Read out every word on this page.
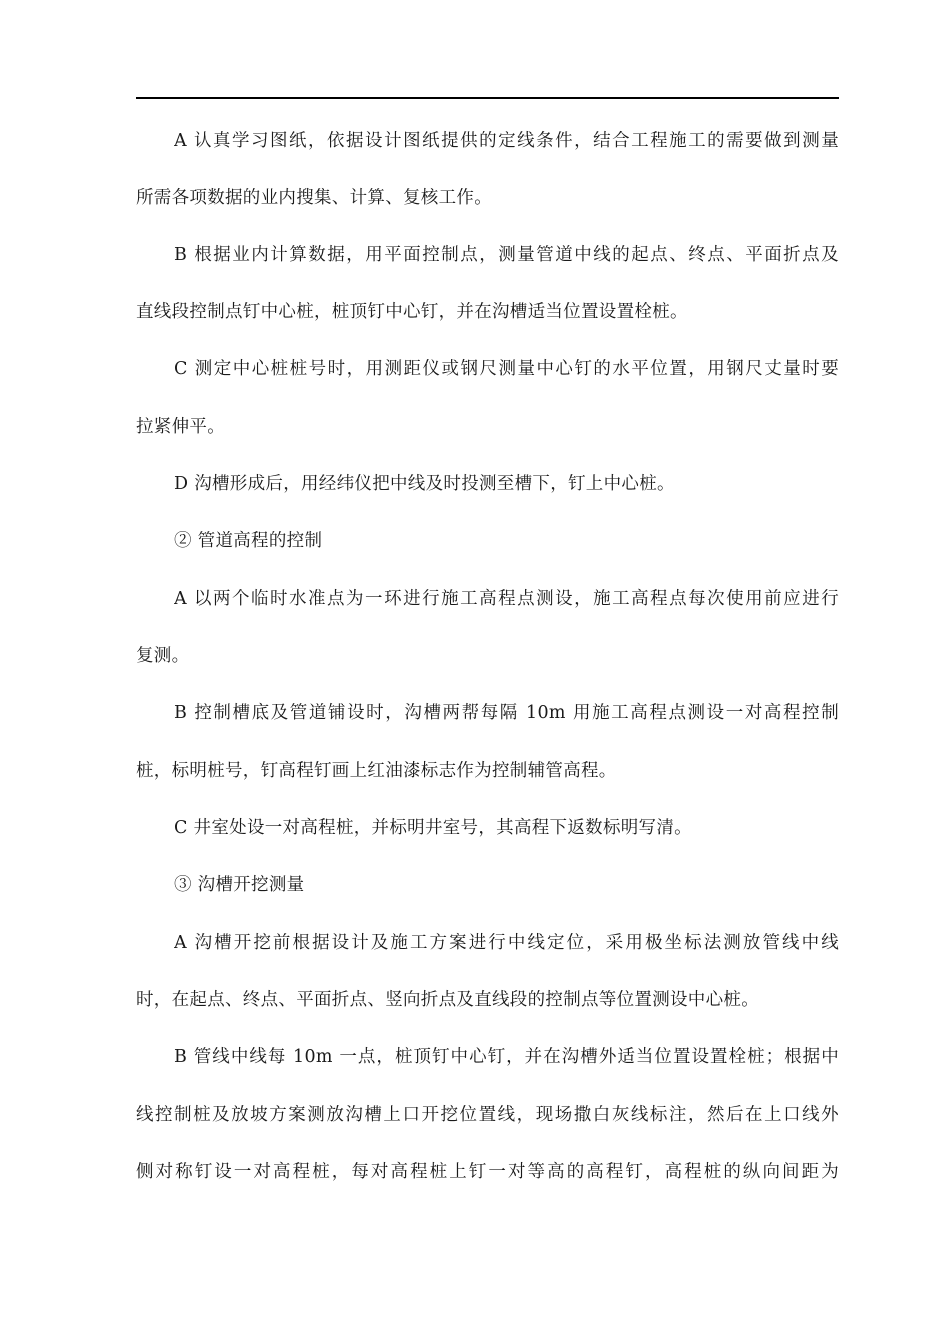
A 认真学习图纸，依据设计图纸提供的定线条件，结合工程施工的需要做到测量
所需各项数据的业内搜集、计算、复核工作。
B 根据业内计算数据，用平面控制点，测量管道中线的起点、终点、平面折点及
直线段控制点钉中心桩，桩顶钉中心钉，并在沟槽适当位置设置栓桩。
C 测定中心桩桩号时，用测距仪或钢尺测量中心钉的水平位置，用钢尺丈量时要
拉紧伸平。
D 沟槽形成后，用经纬仪把中线及时投测至槽下，钉上中心桩。
② 管道高程的控制
A 以两个临时水准点为一环进行施工高程点测设，施工高程点每次使用前应进行
复测。
B 控制槽底及管道铺设时，沟槽两帮每隔 10m 用施工高程点测设一对高程控制
桩，标明桩号，钉高程钉画上红油漆标志作为控制辅管高程。
C 井室处设一对高程桩，并标明井室号，其高程下返数标明写清。
③ 沟槽开挖测量
A 沟槽开挖前根据设计及施工方案进行中线定位，采用极坐标法测放管线中线
时，在起点、终点、平面折点、竖向折点及直线段的控制点等位置测设中心桩。
B 管线中线每 10m 一点，桩顶钉中心钉，并在沟槽外适当位置设置栓桩；根据中
线控制桩及放坡方案测放沟槽上口开挖位置线，现场撒白灰线标注，然后在上口线外
侧对称钉设一对高程桩，每对高程桩上钉一对等高的高程钉，高程桩的纵向间距为
